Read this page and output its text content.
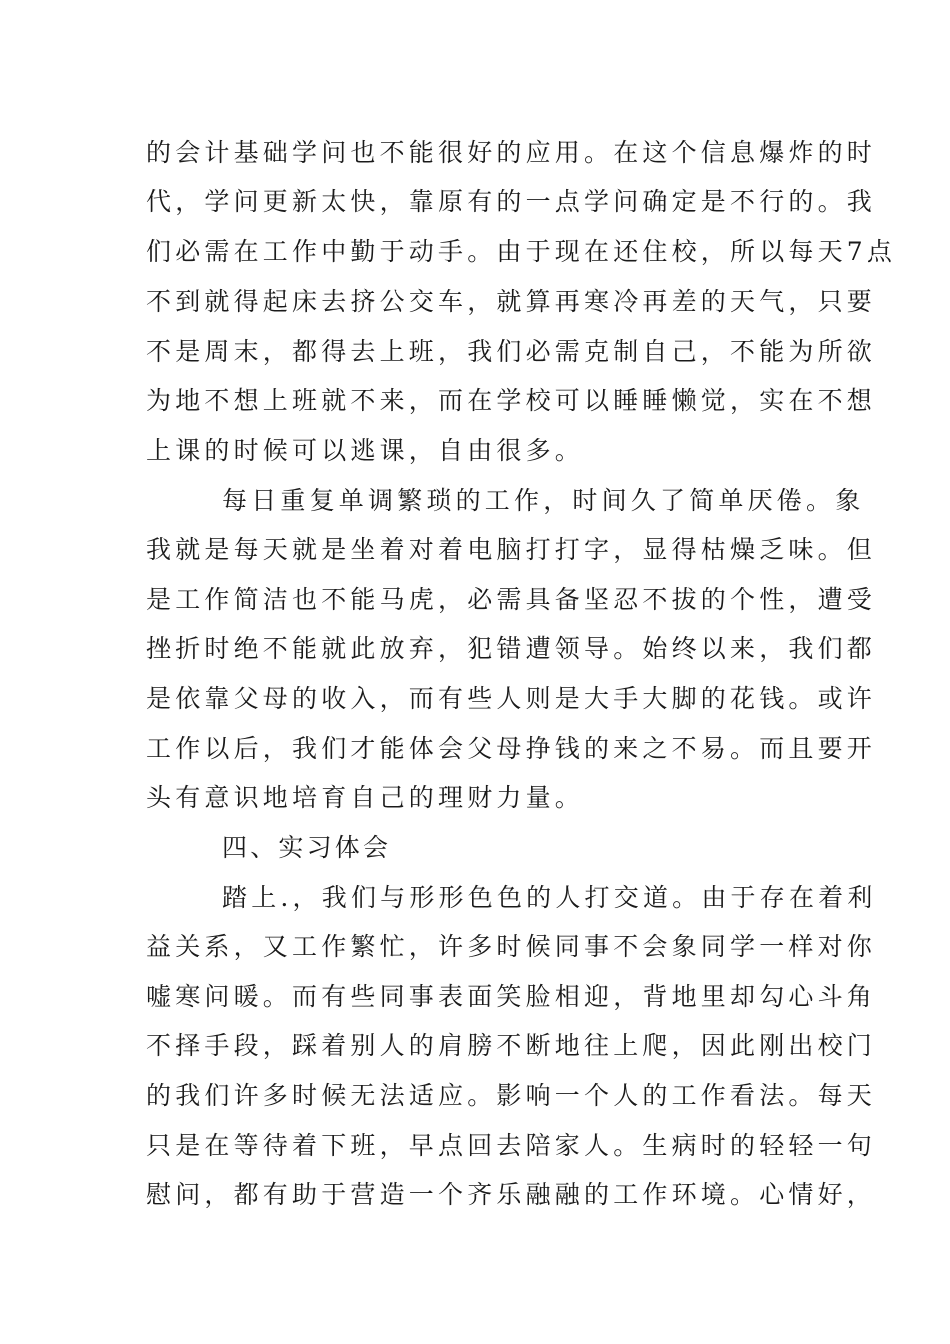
的会计基础学问也不能很好的应用。在这个信息爆炸的时

代，学问更新太快，靠原有的一点学问确定是不行的。我

们必需在工作中勤于动手。由于现在还住校，所以每天7点

不到就得起床去挤公交车，就算再寒冷再差的天气，只要

不是周末，都得去上班，我们必需克制自己，不能为所欲

为地不想上班就不来，而在学校可以睡睡懒觉，实在不想

上课的时候可以逃课，自由很多。

每日重复单调繁琐的工作，时间久了简单厌倦。象

我就是每天就是坐着对着电脑打打字，显得枯燥乏味。但

是工作简洁也不能马虎，必需具备坚忍不拔的个性，遭受

挫折时绝不能就此放弃，犯错遭领导。始终以来，我们都

是依靠父母的收入，而有些人则是大手大脚的花钱。或许

工作以后，我们才能体会父母挣钱的来之不易。而且要开

头有意识地培育自己的理财力量。

四、实习体会

踏上.，我们与形形色色的人打交道。由于存在着利

益关系，又工作繁忙，许多时候同事不会象同学一样对你

嘘寒问暖。而有些同事表面笑脸相迎，背地里却勾心斗角

不择手段，踩着别人的肩膀不断地往上爬，因此刚出校门

的我们许多时候无法适应。影响一个人的工作看法。每天

只是在等待着下班，早点回去陪家人。生病时的轻轻一句

慰问，都有助于营造一个齐乐融融的工作环境。心情好，
